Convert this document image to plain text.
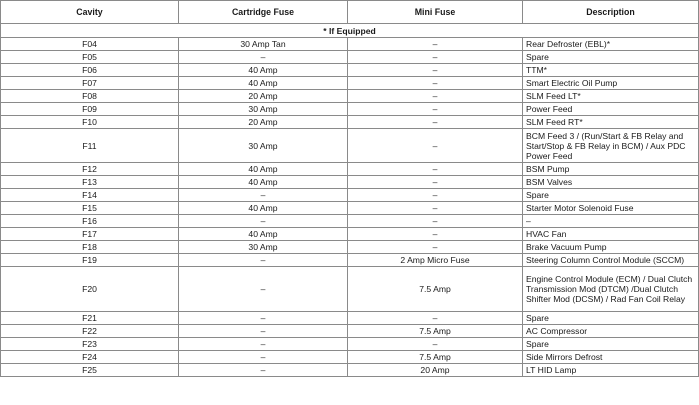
Cavity	Cartridge Fuse	Mini Fuse	Description
* If Equipped			
F04	30 Amp Tan	–	Rear Defroster (EBL)*
F05	–	–	Spare
F06	40 Amp	–	TTM*
F07	40 Amp	–	Smart Electric Oil Pump
F08	20 Amp	–	SLM Feed LT*
F09	30 Amp	–	Power Feed
F10	20 Amp	–	SLM Feed RT*
F11	30 Amp	–	BCM Feed 3 / (Run/Start & FB Relay and Start/Stop & FB Relay in BCM) / Aux PDC Power Feed
F12	40 Amp	–	BSM Pump
F13	40 Amp	–	BSM Valves
F14	–	–	Spare
F15	40 Amp	–	Starter Motor Solenoid Fuse
F16	–	–	–
F17	40 Amp	–	HVAC Fan
F18	30 Amp	–	Brake Vacuum Pump
F19	–	2 Amp Micro Fuse	Steering Column Control Module (SCCM)
F20	–	7.5 Amp	Engine Control Module (ECM) / Dual Clutch Transmission Mod (DTCM) /Dual Clutch Shifter Mod (DCSM) / Rad Fan Coil Relay
F21	–	–	Spare
F22	–	7.5 Amp	AC Compressor
F23	–	–	Spare
F24	–	7.5 Amp	Side Mirrors Defrost
F25	–	20 Amp	LT HID Lamp
